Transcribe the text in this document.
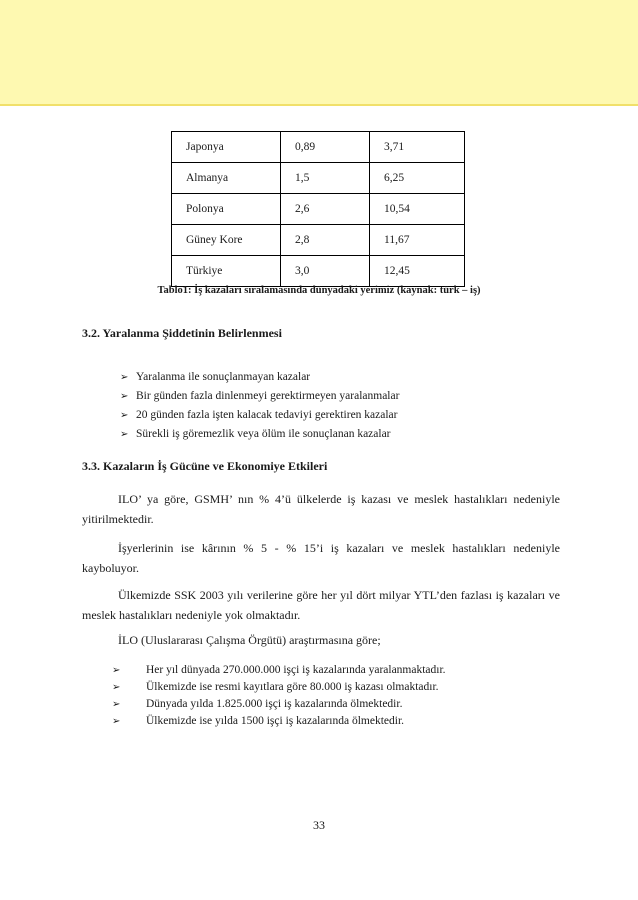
Japonya	0,89	3,71
Almanya	1,5	6,25
Polonya	2,6	10,54
Güney Kore	2,8	11,67
Türkiye	3,0	12,45
Tablo1: İş kazaları sıralamasında dünyadaki yerimiz (kaynak: türk – iş)
3.2. Yaralanma Şiddetinin Belirlenmesi
➢ Yaralanma ile sonuçlanmayan kazalar
➢ Bir günden fazla dinlenmeyi gerektirmeyen yaralanmalar
➢ 20 günden fazla işten kalacak tedaviyi gerektiren kazalar
➢ Sürekli iş göremezlik veya ölüm ile sonuçlanan kazalar
3.3. Kazaların İş Gücüne ve Ekonomiye Etkileri
ILO’ ya göre, GSMH’ nın % 4’ü ülkelerde iş kazası ve meslek hastalıkları nedeniyle yitirilmektedir.
İşyerlerinin ise kârının % 5 - % 15’i iş kazaları ve meslek hastalıkları nedeniyle kayboluyor.
Ülkemizde SSK 2003 yılı verilerine göre her yıl dört milyar YTL’den fazlası iş kazaları ve meslek hastalıkları nedeniyle yok olmaktadır.
İLO (Uluslararası Çalışma Örgütü) araştırmasına göre;
➢	Her yıl dünyada 270.000.000 işçi iş kazalarında yaralanmaktadır.
➢	Ülkemizde ise resmi kayıtlara göre 80.000 iş kazası olmaktadır.
➢	Dünyada yılda 1.825.000 işçi iş kazalarında ölmektedir.
➢	Ülkemizde ise yılda 1500 işçi iş kazalarında ölmektedir.
33
